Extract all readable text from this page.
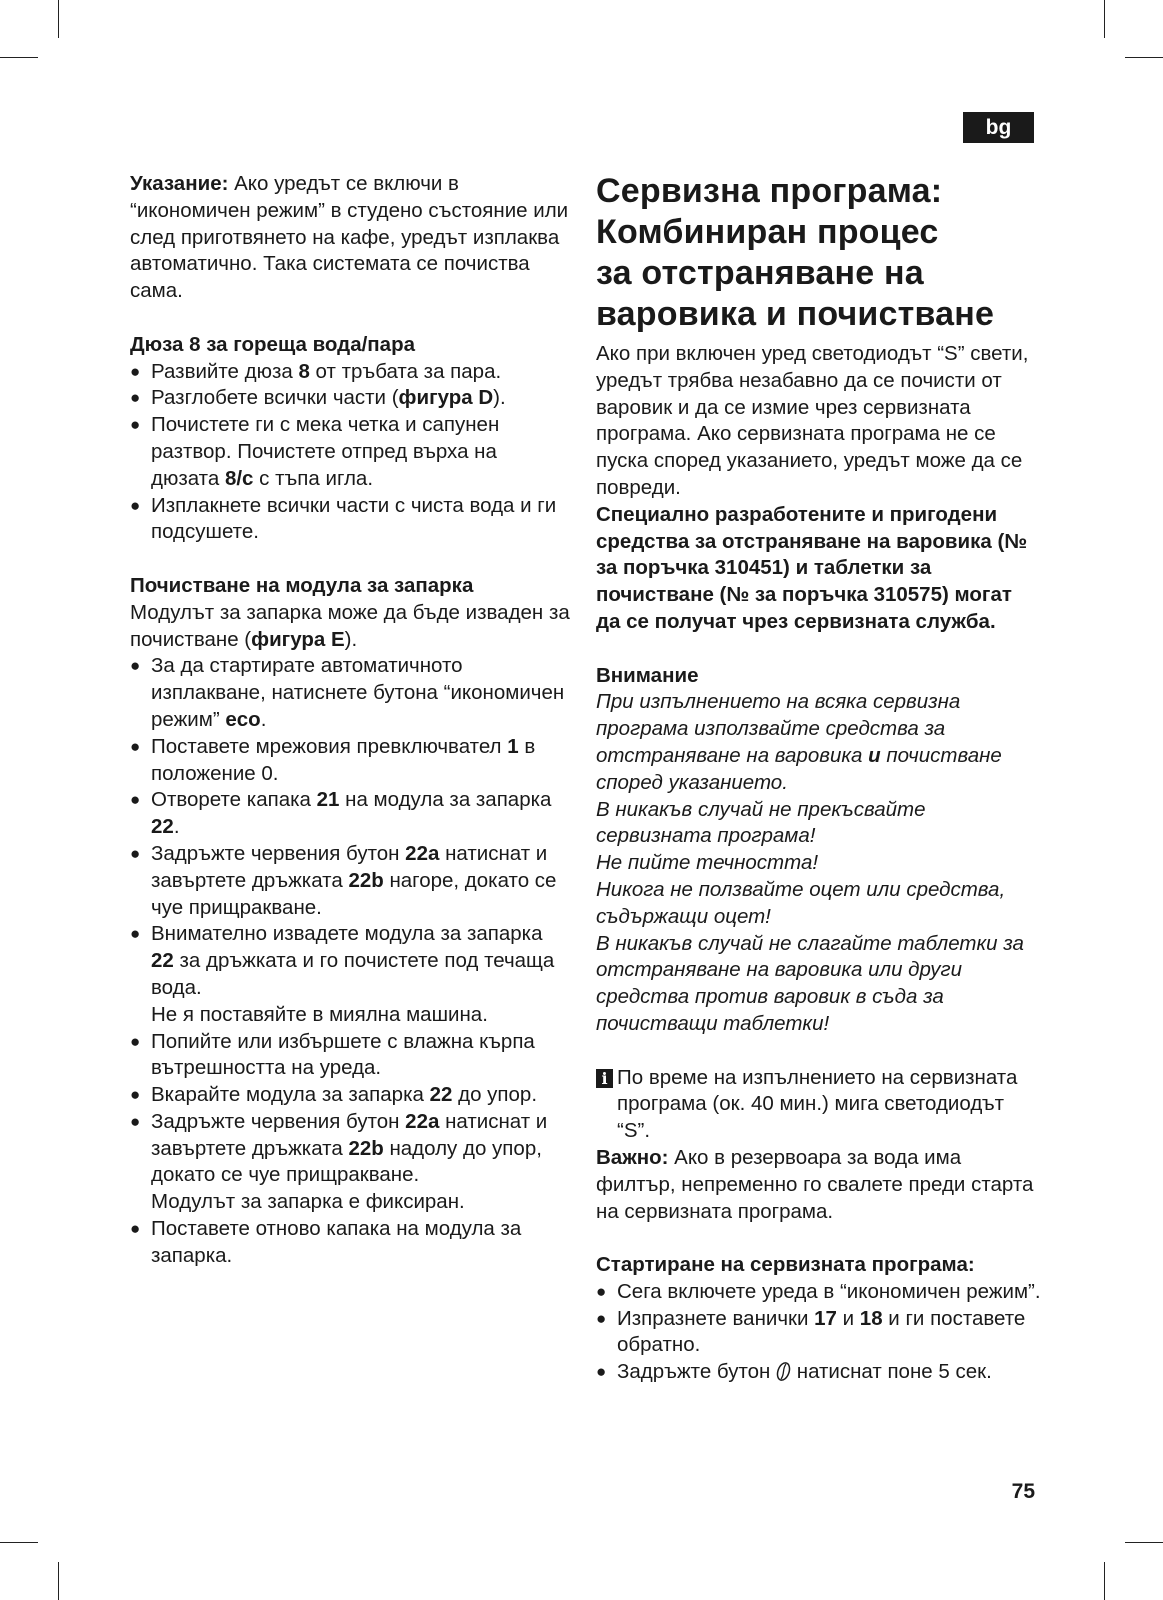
bg

Указание: Ако уредът се включи в “икономичен режим” в студено състояние или след приготвянето на кафе, уредът изплаква автоматично. Така системата се почиства сама.

Дюза 8 за гореща вода/пара

● Развийте дюза 8 от тръбата за пара.
● Разглобете всички части (фигура D).
● Почистете ги с мека четка и сапунен разтвор. Почистете отпред върха на дюзата 8/c с тъпа игла.
● Изплакнете всички части с чиста вода и ги подсушете.

Почистване на модула за запарка

Модулът за запарка може да бъде изваден за почистване (фигура E).

● За да стартирате автоматичното изплакване, натиснете бутона “икономичен режим” eco.
● Поставете мрежовия превключвател 1 в положение 0.
● Отворете капака 21 на модула за запарка 22.
● Задръжте червения бутон 22a натиснат и завъртете дръжката 22b нагоре, докато се чуе прищракване.
● Внимателно извадете модула за запарка 22 за дръжката и го почистете под течаща вода.
Не я поставяйте в миялна машина.
● Попийте или избършете с влажна кърпа вътрешността на уреда.
● Вкарайте модула за запарка 22 до упор.
● Задръжте червения бутон 22a натиснат и завъртете дръжката 22b надолу до упор, докато се чуе прищракване.
Модулът за запарка е фиксиран.
● Поставете отново капака на модула за запарка.
Сервизна програма:
Комбиниран процес
за отстраняване на
варовика и почистване

Ако при включен уред светодиодът “S” свети, уредът трябва незабавно да се почисти от варовик и да се измие чрез сервизната програма. Ако сервизната програма не се пуска според указанието, уредът може да се повреди.

Специално разработените и пригодени средства за отстраняване на варовика (№ за поръчка 310451) и таблетки за почистване (№ за поръчка 310575) могат да се получат чрез сервизната служба.

Внимание

При изпълнението на всяка сервизна програма използвайте средства за отстраняване на варовика и почистване според указанието.

В никакъв случай не прекъсвайте сервизната програма!

Не пийте течността!

Никога не ползвайте оцет или средства, съдържащи оцет!

В никакъв случай не слагайте таблетки за отстраняване на варовика или други средства против варовик в съда за почистващи таблетки!

i По време на изпълнението на сервизната програма (ок. 40 мин.) мига светодиодът “S”.

Важно: Ако в резервоара за вода има филтър, непременно го свалете преди старта на сервизната програма.

Стартиране на сервизната програма:

● Сега включете уреда в “икономичен режим”.
● Изпразнете ванички 17 и 18 и ги поставете обратно.
● Задръжте бутон  натиснат поне 5 сек.
75
